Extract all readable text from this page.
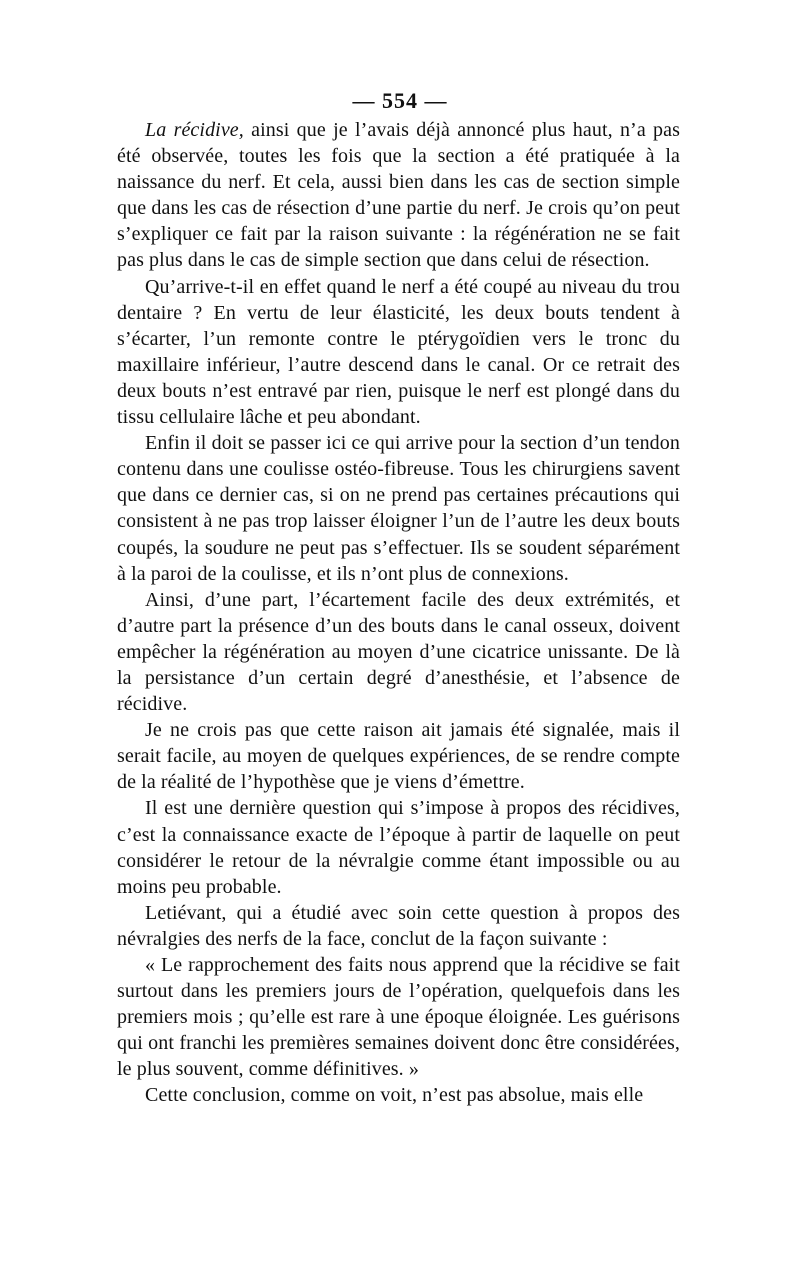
— 554 —

La récidive, ainsi que je l’avais déjà annoncé plus haut, n’a pas été observée, toutes les fois que la section a été pratiquée à la naissance du nerf. Et cela, aussi bien dans les cas de section simple que dans les cas de résection d’une partie du nerf. Je crois qu’on peut s’expliquer ce fait par la raison suivante : la régénération ne se fait pas plus dans le cas de simple section que dans celui de résection.

Qu’arrive-t-il en effet quand le nerf a été coupé au niveau du trou dentaire ? En vertu de leur élasticité, les deux bouts tendent à s’écarter, l’un remonte contre le ptérygoïdien vers le tronc du maxillaire inférieur, l’autre descend dans le canal. Or ce retrait des deux bouts n’est entravé par rien, puisque le nerf est plongé dans du tissu cellulaire lâche et peu abondant.

Enfin il doit se passer ici ce qui arrive pour la section d’un tendon contenu dans une coulisse ostéo-fibreuse. Tous les chirurgiens savent que dans ce dernier cas, si on ne prend pas certaines précautions qui consistent à ne pas trop laisser éloigner l’un de l’autre les deux bouts coupés, la soudure ne peut pas s’effectuer. Ils se soudent séparément à la paroi de la coulisse, et ils n’ont plus de connexions.

Ainsi, d’une part, l’écartement facile des deux extrémités, et d’autre part la présence d’un des bouts dans le canal osseux, doivent empêcher la régénération au moyen d’une cicatrice unissante. De là la persistance d’un certain degré d’anesthésie, et l’absence de récidive.

Je ne crois pas que cette raison ait jamais été signalée, mais il serait facile, au moyen de quelques expériences, de se rendre compte de la réalité de l’hypothèse que je viens d’émettre.

Il est une dernière question qui s’impose à propos des récidives, c’est la connaissance exacte de l’époque à partir de laquelle on peut considérer le retour de la névralgie comme étant impossible ou au moins peu probable.

Letiévant, qui a étudié avec soin cette question à propos des névralgies des nerfs de la face, conclut de la façon suivante :

« Le rapprochement des faits nous apprend que la récidive se fait surtout dans les premiers jours de l’opération, quelquefois dans les premiers mois ; qu’elle est rare à une époque éloignée. Les guérisons qui ont franchi les premières semaines doivent donc être considérées, le plus souvent, comme définitives. »

Cette conclusion, comme on voit, n’est pas absolue, mais elle
